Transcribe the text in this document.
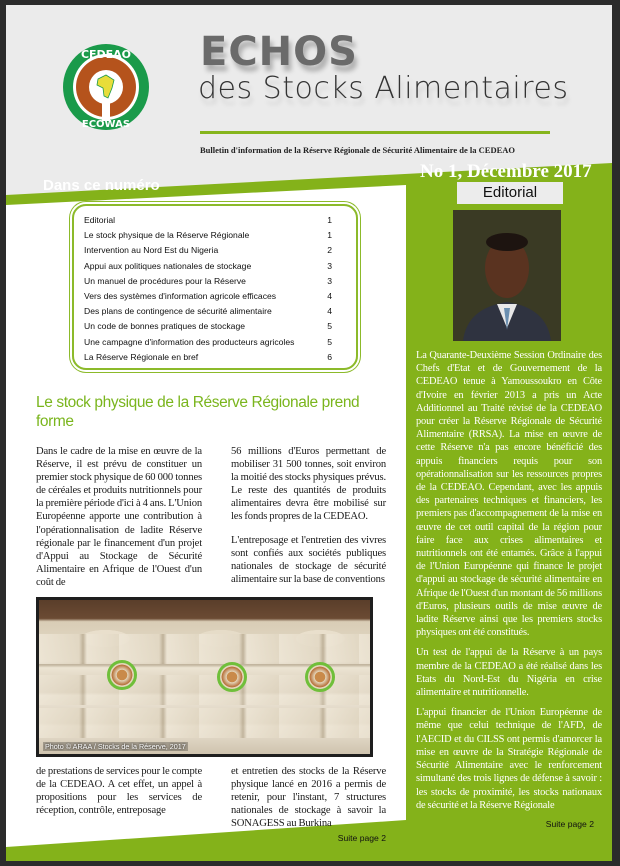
CEDEAO
ECOWAS
ECHOS
des Stocks Alimentaires
Bulletin d'information de la Réserve Régionale de Sécurité Alimentaire de la CEDEAO
No 1, Décembre 2017
Editorial
Dans ce numéro
Editorial	1
Le stock physique de la Réserve Régionale	1
Intervention au Nord Est du Nigeria	2
Appui aux politiques nationales de stockage	3
Un manuel de procédures pour la Réserve	3
Vers des systèmes d'information agricole efficaces	4
Des plans de contingence de sécurité alimentaire	4
Un code de bonnes pratiques de stockage	5
Une campagne d'information des producteurs agricoles	5
La Réserve Régionale en bref	6
Le stock physique de la Réserve Régionale prend forme

Dans le cadre de la mise en œuvre de la Réserve, il est prévu de constituer un premier stock physique de 60 000 tonnes de céréales et produits nutritionnels pour la première période d'ici à 4 ans. L'Union Européenne apporte une contribution à l'opérationnalisation de ladite Réserve régionale par le financement d'un projet d'Appui au Stockage de Sécurité Alimentaire en Afrique de l'Ouest d'un coût de

56 millions d'Euros permettant de mobiliser 31 500 tonnes, soit environ la moitié des stocks physiques prévus. Le reste des quantités de produits alimentaires devra être mobilisé sur les fonds propres de la CEDEAO.

L'entreposage et l'entretien des vivres sont confiés aux sociétés publiques nationales de stockage de sécurité alimentaire sur la base de conventions

Photo © ARAA / Stocks de la Réserve, 2017

de prestations de services pour le compte de la CEDEAO. A cet effet, un appel à propositions pour les services de réception, contrôle, entreposage

et entretien des stocks de la Réserve physique lancé en 2016 a permis de retenir, pour l'instant, 7 structures nationales de stockage à savoir la SONAGESS au Burkina

Suite page 2

La Quarante-Deuxième Session Ordinaire des Chefs d'Etat et de Gouvernement de la CEDEAO tenue à Yamoussoukro en Côte d'Ivoire en février 2013 a pris un Acte Additionnel au Traité révisé de la CEDEAO pour créer la Réserve Régionale de Sécurité Alimentaire (RRSA). La mise en œuvre de cette Réserve n'a pas encore bénéficié des appuis financiers requis pour son opérationnalisation sur les ressources propres de la CEDEAO. Cependant, avec les appuis des partenaires techniques et financiers, les premiers pas d'accompagnement de la mise en œuvre de cet outil capital de la région pour faire face aux crises alimentaires et nutritionnels ont été entamés. Grâce à l'appui de l'Union Européenne qui finance le projet d'appui au stockage de sécurité alimentaire en Afrique de l'Ouest d'un montant de 56 millions d'Euros, plusieurs outils de mise œuvre de ladite Réserve ainsi que les premiers stocks physiques ont été constitués.

Un test de l'appui de la Réserve à un pays membre de la CEDEAO a été réalisé dans les Etats du Nord-Est du Nigéria en crise alimentaire et nutritionnelle.

L'appui financier de l'Union Européenne de même que celui technique de l'AFD, de l'AECID et du CILSS ont permis d'amorcer la mise en œuvre de la Stratégie Régionale de Sécurité Alimentaire avec le renforcement simultané des trois lignes de défense à savoir : les stocks de proximité, les stocks nationaux de sécurité et la Réserve Régionale

Suite page 2
